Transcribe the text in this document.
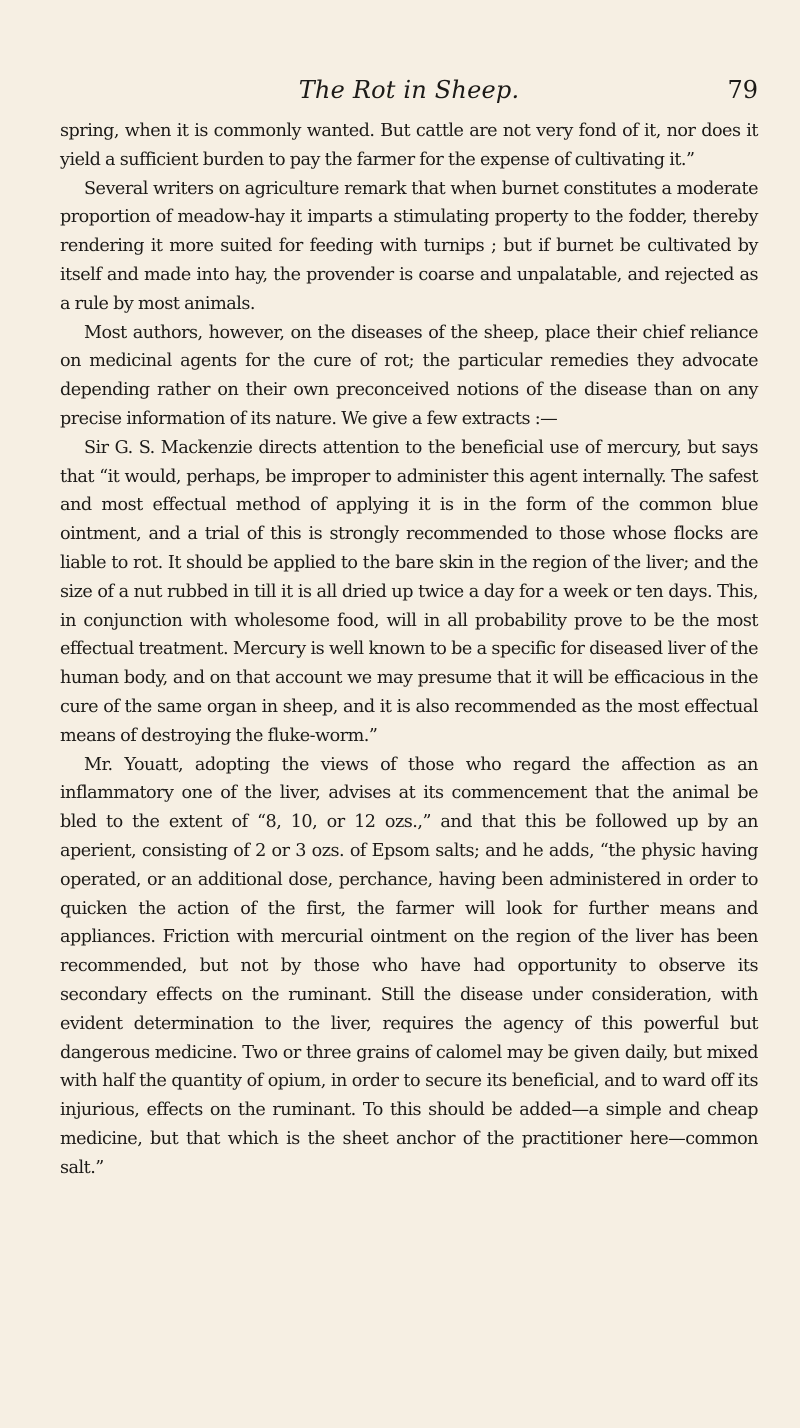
The Rot in Sheep.	79

spring, when it is commonly wanted. But cattle are not very fond of it, nor does it yield a sufficient burden to pay the farmer for the expense of cultivating it.”

Several writers on agriculture remark that when burnet constitutes a moderate proportion of meadow-hay it imparts a stimulating property to the fodder, thereby rendering it more suited for feeding with turnips ; but if burnet be cultivated by itself and made into hay, the provender is coarse and unpalatable, and rejected as a rule by most animals.

Most authors, however, on the diseases of the sheep, place their chief reliance on medicinal agents for the cure of rot; the particular remedies they advocate depending rather on their own preconceived notions of the disease than on any precise information of its nature. We give a few extracts :—

Sir G. S. Mackenzie directs attention to the beneficial use of mercury, but says that “it would, perhaps, be improper to administer this agent internally. The safest and most effectual method of applying it is in the form of the common blue ointment, and a trial of this is strongly recommended to those whose flocks are liable to rot. It should be applied to the bare skin in the region of the liver; and the size of a nut rubbed in till it is all dried up twice a day for a week or ten days. This, in conjunction with wholesome food, will in all probability prove to be the most effectual treatment. Mercury is well known to be a specific for diseased liver of the human body, and on that account we may presume that it will be efficacious in the cure of the same organ in sheep, and it is also recommended as the most effectual means of destroying the fluke-worm.”

Mr. Youatt, adopting the views of those who regard the affection as an inflammatory one of the liver, advises at its commencement that the animal be bled to the extent of “8, 10, or 12 ozs.,” and that this be followed up by an aperient, consisting of 2 or 3 ozs. of Epsom salts; and he adds, “the physic having operated, or an additional dose, perchance, having been administered in order to quicken the action of the first, the farmer will look for further means and appliances. Friction with mercurial ointment on the region of the liver has been recommended, but not by those who have had opportunity to observe its secondary effects on the ruminant. Still the disease under consideration, with evident determination to the liver, requires the agency of this powerful but dangerous medicine. Two or three grains of calomel may be given daily, but mixed with half the quantity of opium, in order to secure its beneficial, and to ward off its injurious, effects on the ruminant. To this should be added—a simple and cheap medicine, but that which is the sheet anchor of the practitioner here—common salt.”
